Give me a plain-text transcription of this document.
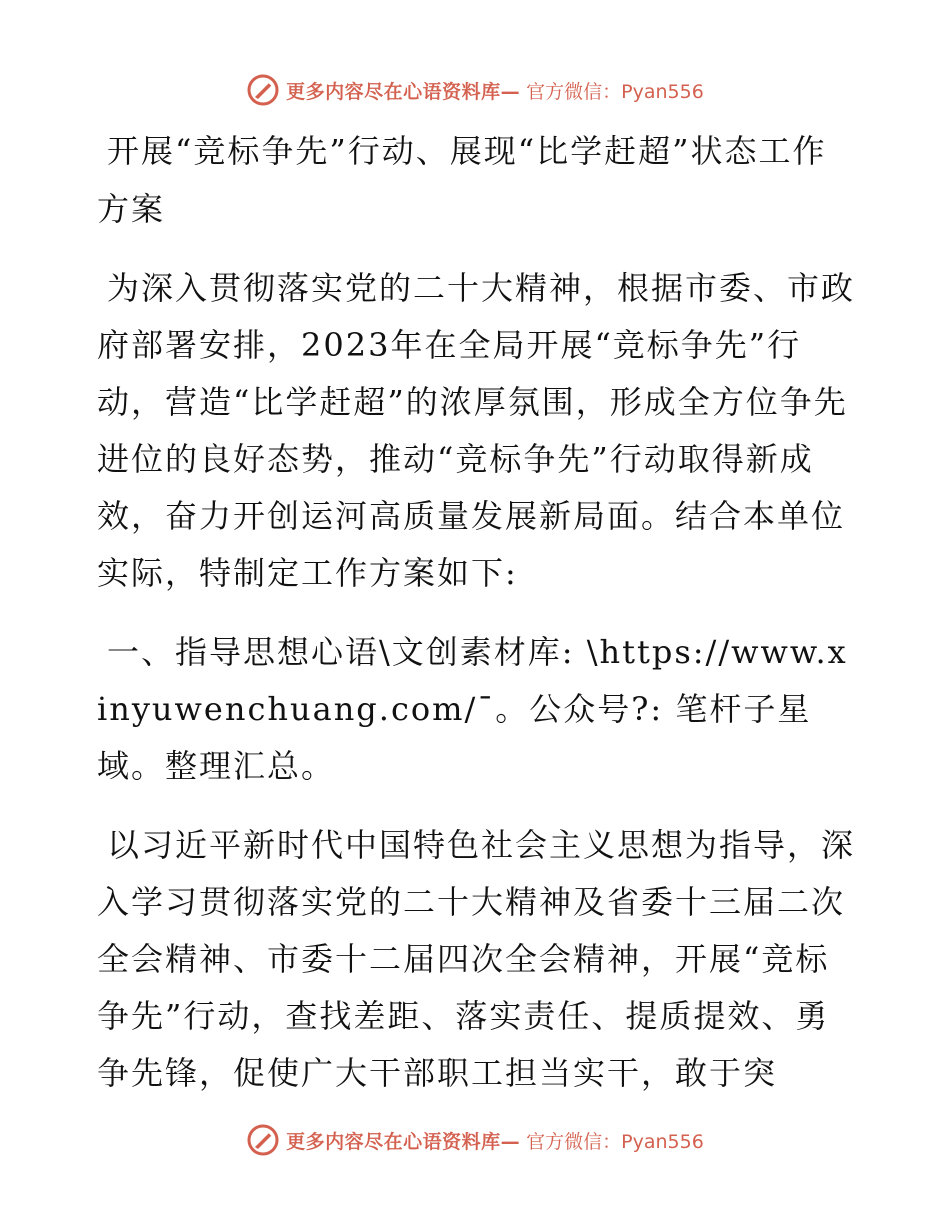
更多内容尽在心语资料库— 官方微信：Pyan556
开展“竞标争先”行动、展现“比学赶超”状态工作方案

为深入贯彻落实党的二十大精神，根据市委、市政府部署安排，2023年在全局开展“竞标争先”行动，营造“比学赶超”的浓厚氛围，形成全方位争先进位的良好态势，推动“竞标争先”行动取得新成效，奋力开创运河高质量发展新局面。结合本单位实际，特制定工作方案如下:

一、指导思想心语\文创素材库: \https://www.xinyuwenchuang.com/¯。公众号?: 笔杆子星域。整理汇总。

以习近平新时代中国特色社会主义思想为指导，深入学习贯彻落实党的二十大精神及省委十三届二次全会精神、市委十二届四次全会精神，开展“竞标争先”行动，查找差距、落实责任、提质提效、勇争先锋，促使广大干部职工担当实干，敢于突

更多内容尽在心语资料库— 官方微信：Pyan556
